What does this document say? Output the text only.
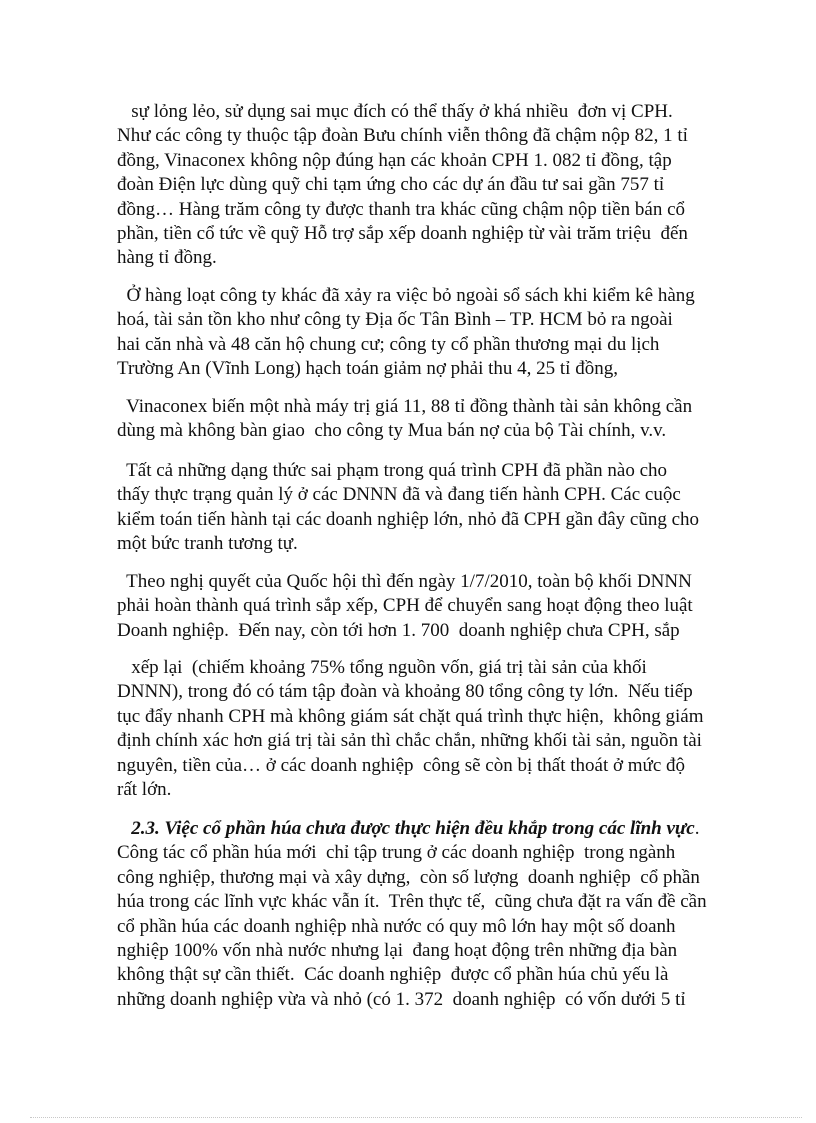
sự lỏng lẻo, sử dụng sai mục đích có thể thấy ở khá nhiều  đơn vị CPH.
Như các công ty thuộc tập đoàn Bưu chính viễn thông đã chậm nộp 82, 1 tỉ
đồng, Vinaconex không nộp đúng hạn các khoản CPH 1. 082 tỉ đồng, tập
đoàn Điện lực dùng quỹ chi tạm ứng cho các dự án đầu tư sai gần 757 tỉ
đồng… Hàng trăm công ty được thanh tra khác cũng chậm nộp tiền bán cổ
phần, tiền cổ tức về quỹ Hỗ trợ sắp xếp doanh nghiệp từ vài trăm triệu  đến
hàng tỉ đồng.
Ở hàng loạt công ty khác đã xảy ra việc bỏ ngoài sổ sách khi kiểm kê hàng
hoá, tài sản tồn kho như công ty Địa ốc Tân Bình – TP. HCM bỏ ra ngoài
hai căn nhà và 48 căn hộ chung cư; công ty cổ phần thương mại du lịch
Trường An (Vĩnh Long) hạch toán giảm nợ phải thu 4, 25 tỉ đồng,
Vinaconex biến một nhà máy trị giá 11, 88 tỉ đồng thành tài sản không cần
dùng mà không bàn giao  cho công ty Mua bán nợ của bộ Tài chính, v.v.
Tất cả những dạng thức sai phạm trong quá trình CPH đã phần nào cho
thấy thực trạng quản lý ở các DNNN đã và đang tiến hành CPH. Các cuộc
kiểm toán tiến hành tại các doanh nghiệp lớn, nhỏ đã CPH gần đây cũng cho
một bức tranh tương tự.
Theo nghị quyết của Quốc hội thì đến ngày 1/7/2010, toàn bộ khối DNNN
phải hoàn thành quá trình sắp xếp, CPH để chuyển sang hoạt động theo luật
Doanh nghiệp.  Đến nay, còn tới hơn 1. 700  doanh nghiệp chưa CPH, sắp
xếp lại  (chiếm khoảng 75% tổng nguồn vốn, giá trị tài sản của khối
DNNN), trong đó có tám tập đoàn và khoảng 80 tổng công ty lớn.  Nếu tiếp
tục đẩy nhanh CPH mà không giám sát chặt quá trình thực hiện,  không giám
định chính xác hơn giá trị tài sản thì chắc chắn, những khối tài sản, nguồn tài
nguyên, tiền của… ở các doanh nghiệp  công sẽ còn bị thất thoát ở mức độ
rất lớn.
2.3. Việc cổ phần húa chưa được thực hiện đều khắp trong các lĩnh vực.
Công tác cổ phần húa mới  chỉ tập trung ở các doanh nghiệp  trong ngành
công nghiệp, thương mại và xây dựng,  còn số lượng  doanh nghiệp  cổ phần
húa trong các lĩnh vực khác vẫn ít.  Trên thực tế,  cũng chưa đặt ra vấn đề cần
cổ phần húa các doanh nghiệp nhà nước có quy mô lớn hay một số doanh
nghiệp 100% vốn nhà nước nhưng lại  đang hoạt động trên những địa bàn
không thật sự cần thiết.  Các doanh nghiệp  được cổ phần húa chủ yếu là
những doanh nghiệp vừa và nhỏ (có 1. 372  doanh nghiệp  có vốn dưới 5 tỉ
